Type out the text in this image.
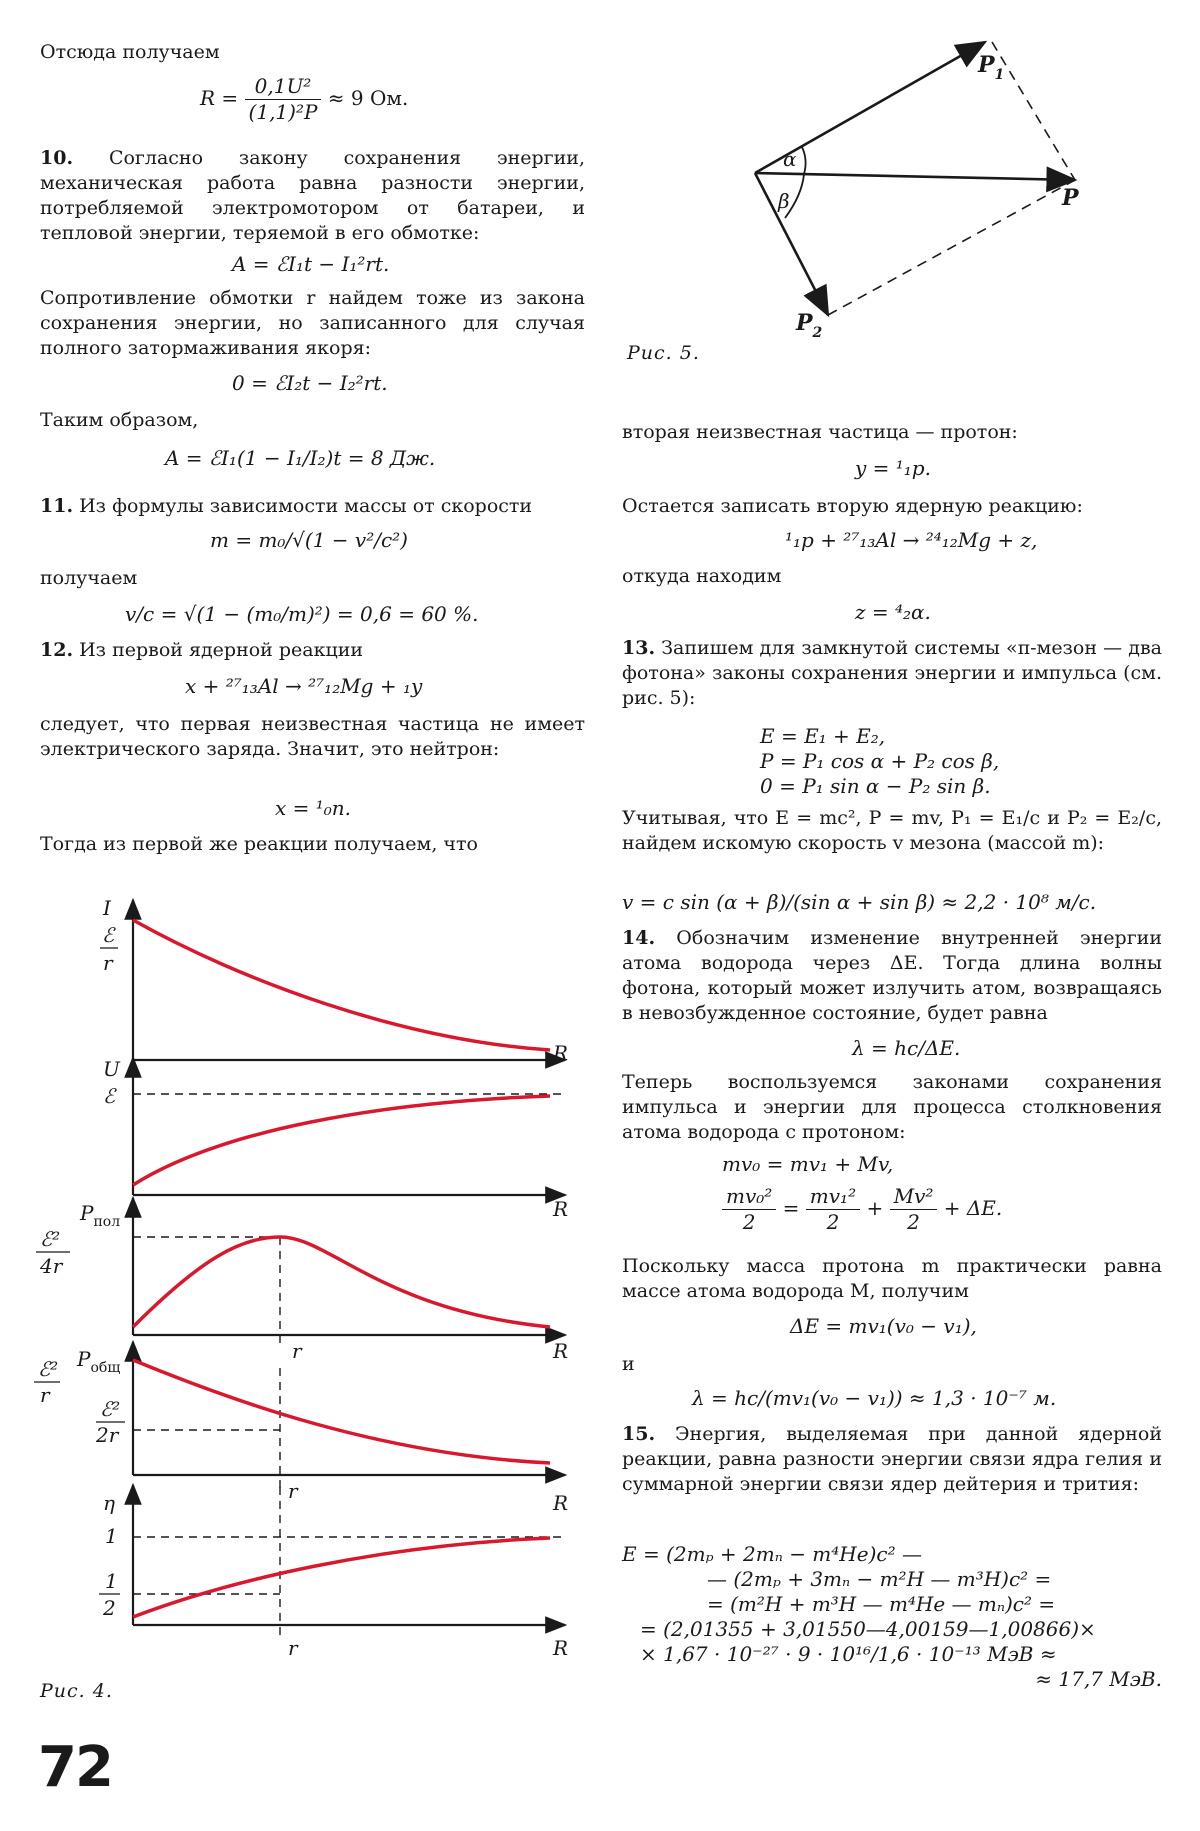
Отсюда получаем
$R = \frac{\text{0,1U²}}{\text{(1,1)²P}} \approx 9$ Ом.
10. Согласно закону сохранения энергии, механическая работа равна разности энергии, потребляемой электромотором от батареи, и тепловой энергии, теряемой в его обмотке:
A = ℰI₁t − I₁²rt.
Сопротивление обмотки r найдем тоже из закона сохранения энергии, но записанного для случая полного затормаживания якоря:
0 = ℰI₂t − I₂²rt.
Таким образом,
A = ℰI₁(1 − I₁/I₂)t = 8 Дж.
11. Из формулы зависимости массы от скорости
m = m₀/√(1 − v²/c²)
получаем
v/c = √(1 − (m₀/m)²) = 0,6 = 60 %.
12. Из первой ядерной реакции
x + ²⁷₁₃Al → ²⁷₁₂Mg + ₁y
следует, что первая неизвестная частица не имеет электрического заряда. Значит, это нейтрон:
x = ¹₀n.
Тогда из первой же реакции получаем, что
I
ℰ
r
R
U
ℰ
R
$P_{пол}$
ℰ²
4r
r	R
$P_{общ}$
ℰ²
r
ℰ²
2r
r	R
η
1
1
2
r	R
Рис. 4.
$P_1$
P
$P_2$
α
β
Рис. 5.
вторая неизвестная частица — протон:
y = ¹₁p.
Остается записать вторую ядерную реакцию:
¹₁p + ²⁷₁₃Al → ²⁴₁₂Mg + z,
откуда находим
z = ⁴₂α.
13. Запишем для замкнутой системы «π-мезон — два фотона» законы сохранения энергии и импульса (см. рис. 5):
E = E₁ + E₂,
P = P₁ cos α + P₂ cos β,
0 = P₁ sin α − P₂ sin β.
Учитывая, что E = mc², P = mv, P₁ = E₁/c и P₂ = E₂/c, найдем искомую скорость v мезона (массой m):
v = c sin (α + β)/(sin α + sin β) ≈ 2,2 · 10⁸ м/с.
14. Обозначим изменение внутренней энергии атома водорода через ΔE. Тогда длина волны фотона, который может излучить атом, возвращаясь в невозбужденное состояние, будет равна
λ = hc/ΔE.
Теперь воспользуемся законами сохранения импульса и энергии для процесса столкновения атома водорода с протоном:
mv₀ = mv₁ + Mv,
$\frac{\text{mv₀²}}{2} = \frac{\text{mv₁²}}{2} + \frac{\text{Mv²}}{2} + \Delta E$.
Поскольку масса протона m практически равна массе атома водорода M, получим
ΔE = mv₁(v₀ − v₁),
и
λ = hc/(mv₁(v₀ − v₁)) ≈ 1,3 · 10⁻⁷ м.
15. Энергия, выделяемая при данной ядерной реакции, равна разности энергии связи ядра гелия и суммарной энергии связи ядер дейтерия и трития:
E = (2mₚ + 2mₙ − m⁴He)c² —
— (2mₚ + 3mₙ − m²H — m³H)c² =
= (m²H + m³H — m⁴He — mₙ)c² =
= (2,01355 + 3,01550—4,00159—1,00866)×
× 1,67 · 10⁻²⁷ · 9 · 10¹⁶/1,6 · 10⁻¹³ МэВ ≈
≈ 17,7 МэВ.
72
